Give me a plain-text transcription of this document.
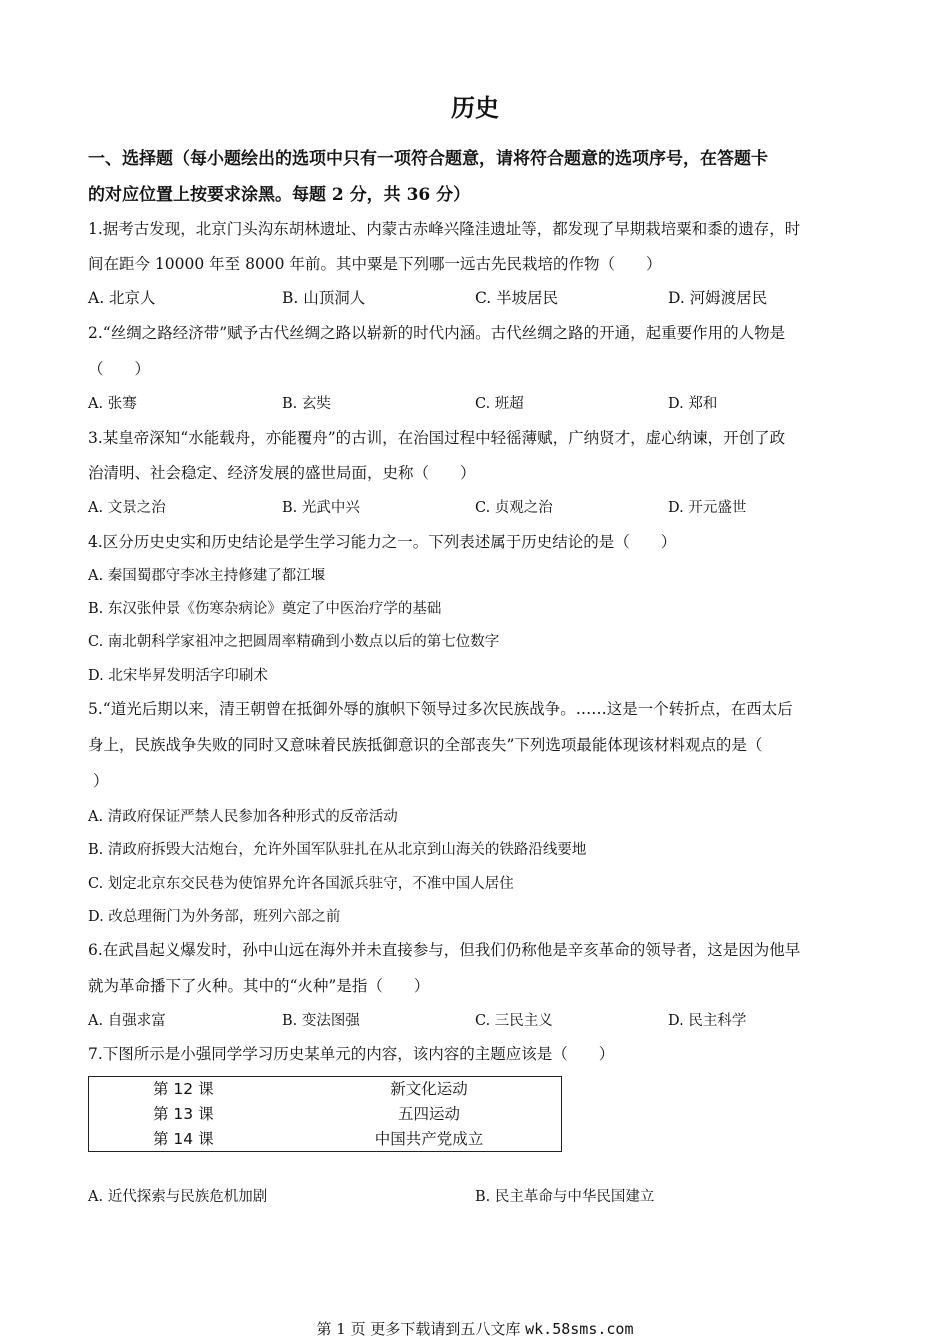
历史
一、选择题（每小题绘出的选项中只有一项符合题意，请将符合题意的选项序号，在答题卡
的对应位置上按要求涂黑。每题 2 分，共 36 分）
1.据考古发现，北京门头沟东胡林遗址、内蒙古赤峰兴隆洼遗址等，都发现了早期栽培粟和黍的遗存，时
间在距今 10000 年至 8000 年前。其中粟是下列哪一远古先民栽培的作物（　　）
A. 北京人	B. 山顶洞人	C. 半坡居民	D. 河姆渡居民
2.“丝绸之路经济带”赋予古代丝绸之路以崭新的时代内涵。古代丝绸之路的开通，起重要作用的人物是
（　　）
A. 张骞	B. 玄奘	C. 班超	D. 郑和
3.某皇帝深知“水能载舟，亦能覆舟”的古训，在治国过程中轻徭薄赋，广纳贤才，虚心纳谏，开创了政
治清明、社会稳定、经济发展的盛世局面，史称（　　）
A. 文景之治	B. 光武中兴	C. 贞观之治	D. 开元盛世
4.区分历史史实和历史结论是学生学习能力之一。下列表述属于历史结论的是（　　）
A. 秦国蜀郡守李冰主持修建了都江堰
B. 东汉张仲景《伤寒杂病论》奠定了中医治疗学的基础
C. 南北朝科学家祖冲之把圆周率精确到小数点以后的第七位数字
D. 北宋毕昇发明活字印刷术
5.“道光后期以来，清王朝曾在抵御外辱的旗帜下领导过多次民族战争。……这是一个转折点，在西太后
身上，民族战争失败的同时又意味着民族抵御意识的全部丧失”下列选项最能体现该材料观点的是（
）
A. 清政府保证严禁人民参加各种形式的反帝活动
B. 清政府拆毁大沽炮台，允许外国军队驻扎在从北京到山海关的铁路沿线要地
C. 划定北京东交民巷为使馆界允许各国派兵驻守，不准中国人居住
D. 改总理衙门为外务部，班列六部之前
6.在武昌起义爆发时，孙中山远在海外并未直接参与，但我们仍称他是辛亥革命的领导者，这是因为他早
就为革命播下了火种。其中的“火种”是指（　　）
A. 自强求富	B. 变法图强	C. 三民主义	D. 民主科学
7.下图所示是小强同学学习历史某单元的内容，该内容的主题应该是（　　）
第 12 课	新文化运动
第 13 课	五四运动
第 14 课	中国共产党成立
A. 近代探索与民族危机加剧	B. 民主革命与中华民国建立
第 1 页 更多下载请到五八文库 wk.58sms.com
